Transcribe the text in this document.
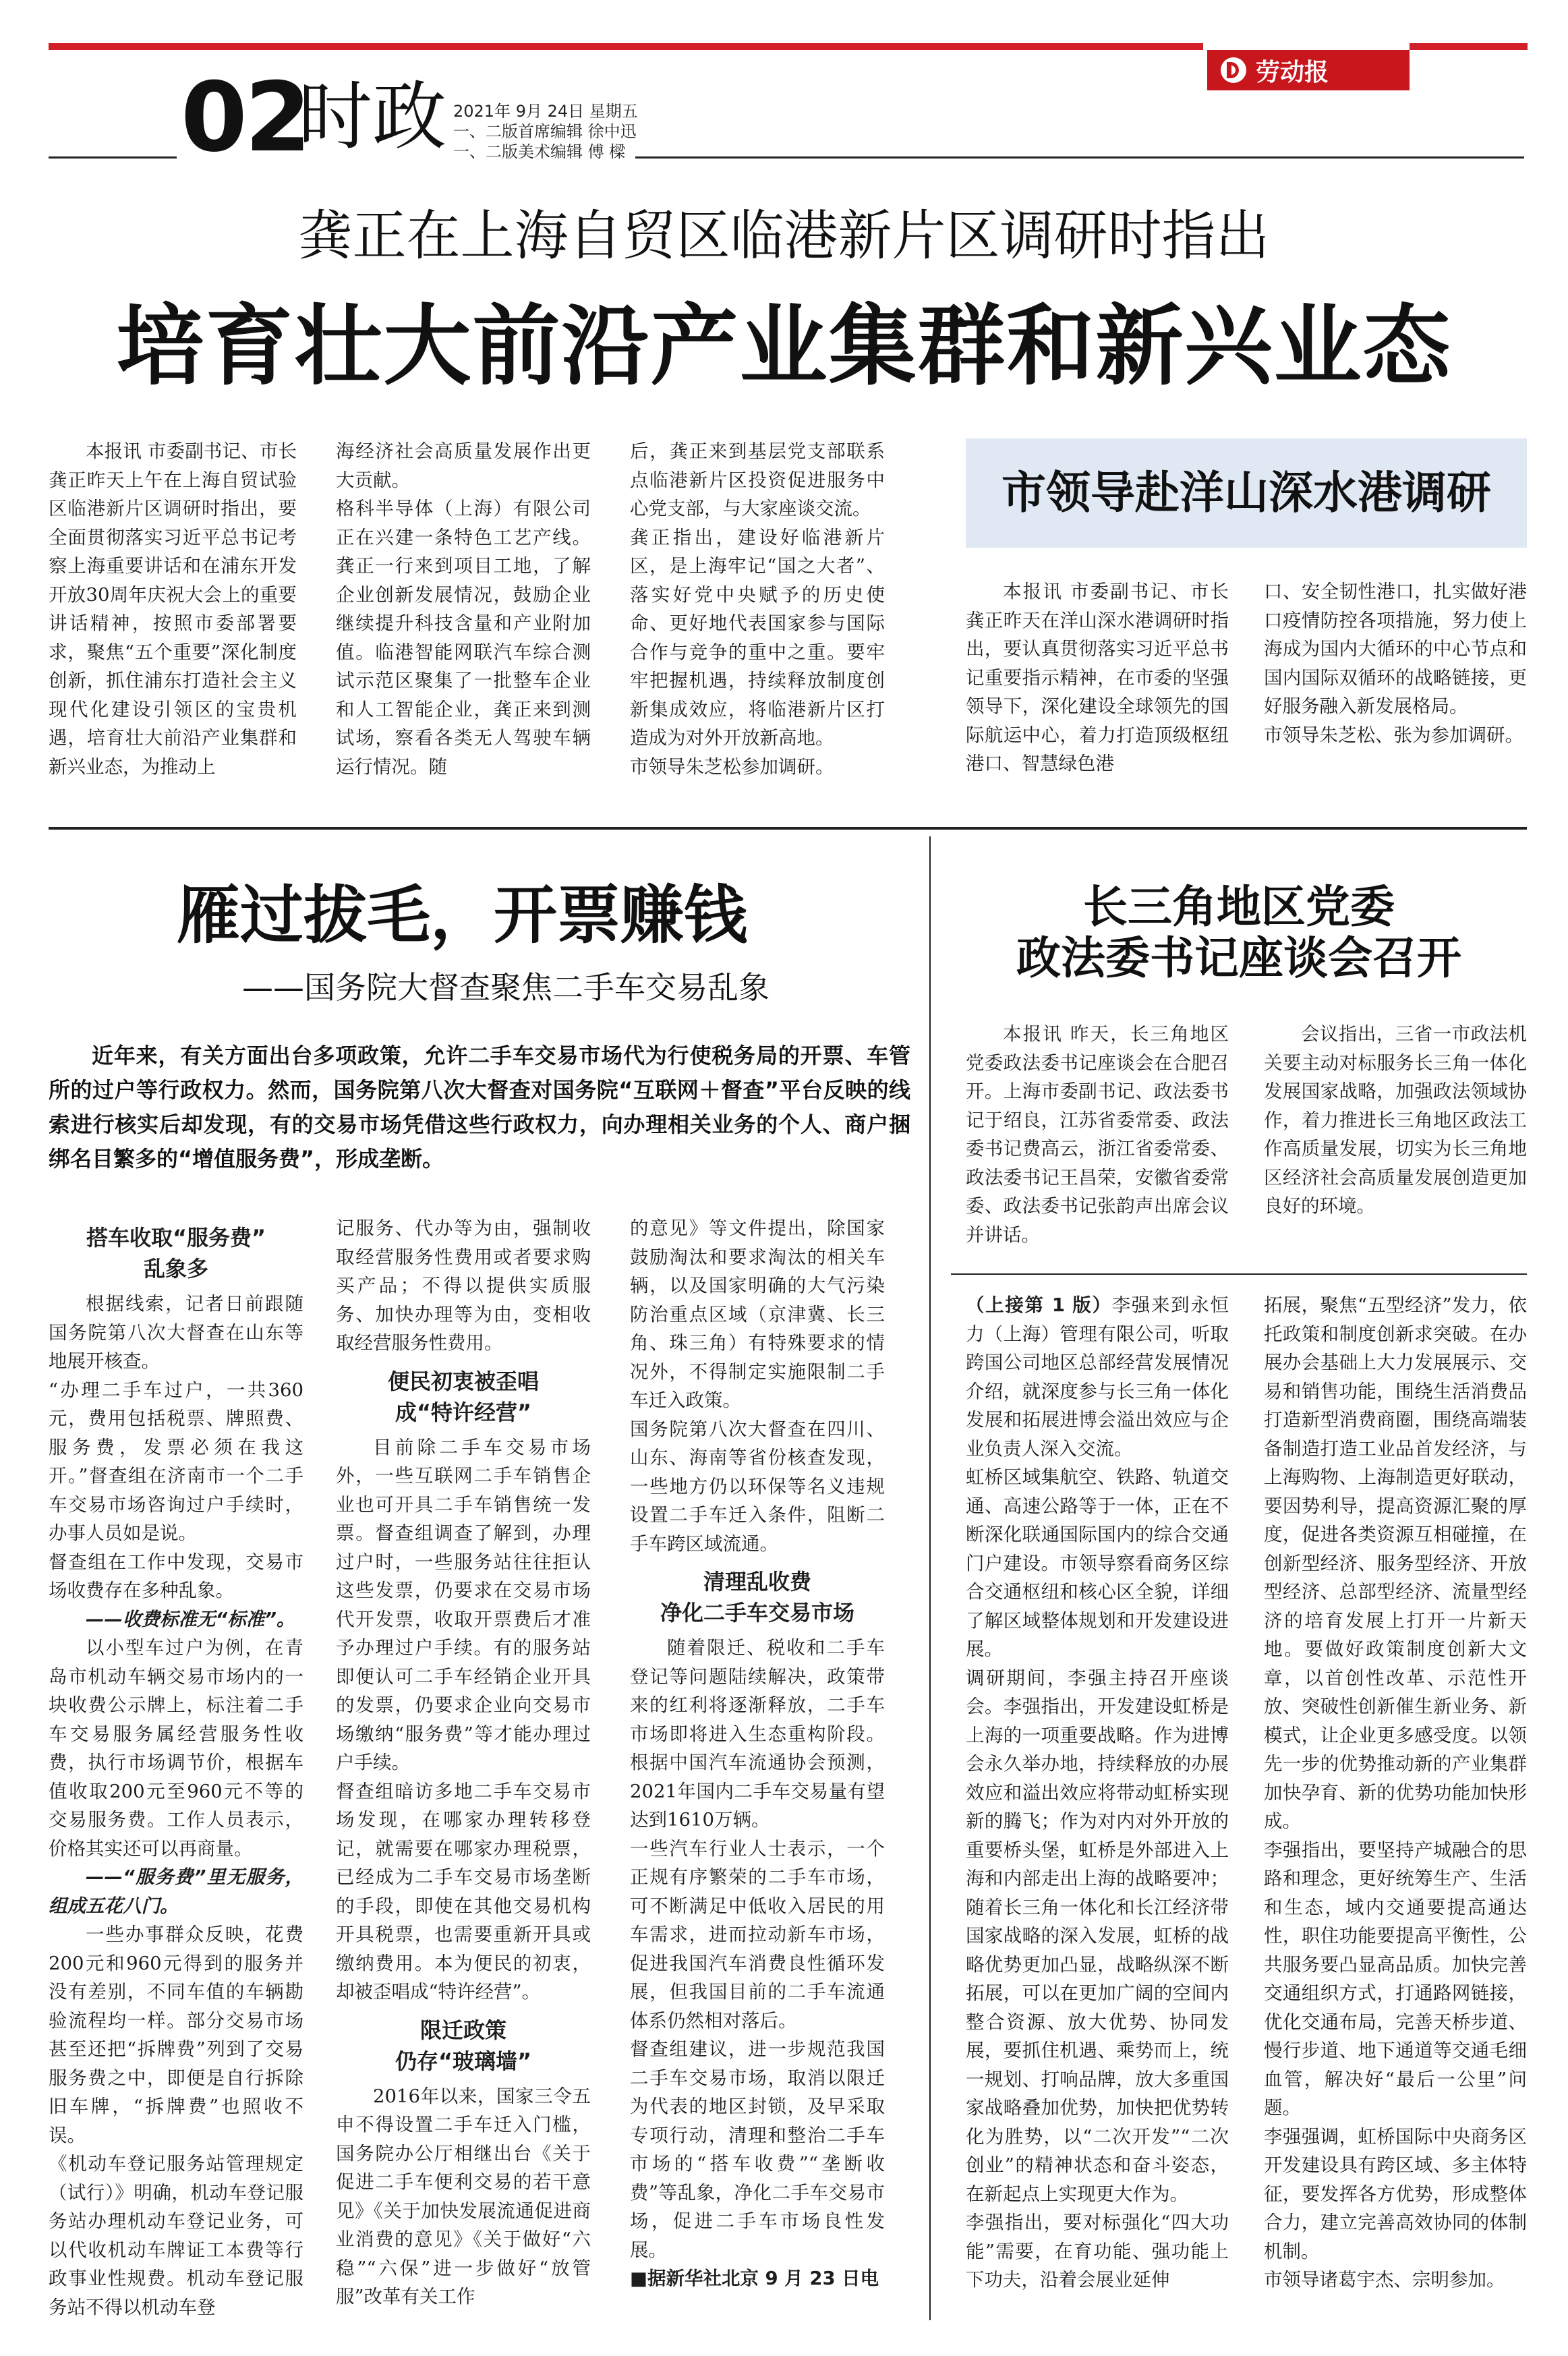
劳动报
02
时政 2021年 9月 24日 星期五
一、二版首席编辑 徐中迅
一、二版美术编辑 傅 樑
龚正在上海自贸区临港新片区调研时指出
培育壮大前沿产业集群和新兴业态

本报讯 市委副书记、市长龚正昨天上午在上海自贸试验区临港新片区调研时指出，要全面贯彻落实习近平总书记考察上海重要讲话和在浦东开发开放30周年庆祝大会上的重要讲话精神，按照市委部署要求，聚焦“五个重要”深化制度创新，抓住浦东打造社会主义现代化建设引领区的宝贵机遇，培育壮大前沿产业集群和新兴业态，为推动上

海经济社会高质量发展作出更大贡献。
格科半导体（上海）有限公司正在兴建一条特色工艺产线。龚正一行来到项目工地，了解企业创新发展情况，鼓励企业继续提升科技含量和产业附加值。临港智能网联汽车综合测试示范区聚集了一批整车企业和人工智能企业，龚正来到测试场，察看各类无人驾驶车辆运行情况。随

后，龚正来到基层党支部联系点临港新片区投资促进服务中心党支部，与大家座谈交流。
龚正指出，建设好临港新片区，是上海牢记“国之大者”、落实好党中央赋予的历史使命、更好地代表国家参与国际合作与竞争的重中之重。要牢牢把握机遇，持续释放制度创新集成效应，将临港新片区打造成为对外开放新高地。
市领导朱芝松参加调研。

市领导赴洋山深水港调研

本报讯 市委副书记、市长龚正昨天在洋山深水港调研时指出，要认真贯彻落实习近平总书记重要指示精神，在市委的坚强领导下，深化建设全球领先的国际航运中心，着力打造顶级枢纽港口、智慧绿色港

口、安全韧性港口，扎实做好港口疫情防控各项措施，努力使上海成为国内大循环的中心节点和国内国际双循环的战略链接，更好服务融入新发展格局。
市领导朱芝松、张为参加调研。

雁过拔毛，开票赚钱
——国务院大督查聚焦二手车交易乱象

近年来，有关方面出台多项政策，允许二手车交易市场代为行使税务局的开票、车管所的过户等行政权力。然而，国务院第八次大督查对国务院“互联网＋督查”平台反映的线索进行核实后却发现，有的交易市场凭借这些行政权力，向办理相关业务的个人、商户捆绑名目繁多的“增值服务费”，形成垄断。

搭车收取“服务费”
乱象多

根据线索，记者日前跟随国务院第八次大督查在山东等地展开核查。
“办理二手车过户，一共360元，费用包括税票、牌照费、服务费，发票必须在我这开。”督查组在济南市一个二手车交易市场咨询过户手续时，办事人员如是说。
督查组在工作中发现，交易市场收费存在多种乱象。

——收费标准无“标准”。

以小型车过户为例，在青岛市机动车辆交易市场内的一块收费公示牌上，标注着二手车交易服务属经营服务性收费，执行市场调节价，根据车值收取200元至960元不等的交易服务费。工作人员表示，价格其实还可以再商量。

——“服务费”里无服务，组成五花八门。

一些办事群众反映，花费200元和960元得到的服务并没有差别，不同车值的车辆勘验流程均一样。部分交易市场甚至还把“拆牌费”列到了交易服务费之中，即便是自行拆除旧车牌，“拆牌费”也照收不误。
《机动车登记服务站管理规定（试行）》明确，机动车登记服务站办理机动车登记业务，可以代收机动车牌证工本费等行政事业性规费。机动车登记服务站不得以机动车登

记服务、代办等为由，强制收取经营服务性费用或者要求购买产品；不得以提供实质服务、加快办理等为由，变相收取经营服务性费用。

便民初衷被歪唱
成“特许经营”

目前除二手车交易市场外，一些互联网二手车销售企业也可开具二手车销售统一发票。督查组调查了解到，办理过户时，一些服务站往往拒认这些发票，仍要求在交易市场代开发票，收取开票费后才准予办理过户手续。有的服务站即便认可二手车经销企业开具的发票，仍要求企业向交易市场缴纳“服务费”等才能办理过户手续。
督查组暗访多地二手车交易市场发现，在哪家办理转移登记，就需要在哪家办理税票，已经成为二手车交易市场垄断的手段，即使在其他交易机构开具税票，也需要重新开具或缴纳费用。本为便民的初衷，却被歪唱成“特许经营”。

限迁政策
仍存“玻璃墙”

2016年以来，国家三令五申不得设置二手车迁入门槛，国务院办公厅相继出台《关于促进二手车便利交易的若干意见》《关于加快发展流通促进商业消费的意见》《关于做好“六稳”“六保”进一步做好“放管服”改革有关工作

的意见》等文件提出，除国家鼓励淘汰和要求淘汰的相关车辆，以及国家明确的大气污染防治重点区域（京津冀、长三角、珠三角）有特殊要求的情况外，不得制定实施限制二手车迁入政策。
国务院第八次大督查在四川、山东、海南等省份核查发现，一些地方仍以环保等名义违规设置二手车迁入条件，阻断二手车跨区域流通。

清理乱收费
净化二手车交易市场

随着限迁、税收和二手车登记等问题陆续解决，政策带来的红利将逐渐释放，二手车市场即将进入生态重构阶段。根据中国汽车流通协会预测，2021年国内二手车交易量有望达到1610万辆。
一些汽车行业人士表示，一个正规有序繁荣的二手车市场，可不断满足中低收入居民的用车需求，进而拉动新车市场，促进我国汽车消费良性循环发展，但我国目前的二手车流通体系仍然相对落后。
督查组建议，进一步规范我国二手车交易市场，取消以限迁为代表的地区封锁，及早采取专项行动，清理和整治二手车市场的“搭车收费”“垄断收费”等乱象，净化二手车交易市场，促进二手车市场良性发展。

■据新华社北京 9 月 23 日电

长三角地区党委
政法委书记座谈会召开

本报讯 昨天，长三角地区党委政法委书记座谈会在合肥召开。上海市委副书记、政法委书记于绍良，江苏省委常委、政法委书记费高云，浙江省委常委、政法委书记王昌荣，安徽省委常委、政法委书记张韵声出席会议并讲话。

会议指出，三省一市政法机关要主动对标服务长三角一体化发展国家战略，加强政法领域协作，着力推进长三角地区政法工作高质量发展，切实为长三角地区经济社会高质量发展创造更加良好的环境。

（上接第 1 版）李强来到永恒力（上海）管理有限公司，听取跨国公司地区总部经营发展情况介绍，就深度参与长三角一体化发展和拓展进博会溢出效应与企业负责人深入交流。
虹桥区域集航空、铁路、轨道交通、高速公路等于一体，正在不断深化联通国际国内的综合交通门户建设。市领导察看商务区综合交通枢纽和核心区全貌，详细了解区域整体规划和开发建设进展。
调研期间，李强主持召开座谈会。李强指出，开发建设虹桥是上海的一项重要战略。作为进博会永久举办地，持续释放的办展效应和溢出效应将带动虹桥实现新的腾飞；作为对内对外开放的重要桥头堡，虹桥是外部进入上海和内部走出上海的战略要冲；随着长三角一体化和长江经济带国家战略的深入发展，虹桥的战略优势更加凸显，战略纵深不断拓展，可以在更加广阔的空间内整合资源、放大优势、协同发展，要抓住机遇、乘势而上，统一规划、打响品牌，放大多重国家战略叠加优势，加快把优势转化为胜势，以“二次开发”“二次创业”的精神状态和奋斗姿态，在新起点上实现更大作为。
李强指出，要对标强化“四大功能”需要，在育功能、强功能上下功夫，沿着会展业延伸

拓展，聚焦“五型经济”发力，依托政策和制度创新求突破。在办展办会基础上大力发展展示、交易和销售功能，围绕生活消费品打造新型消费商圈，围绕高端装备制造打造工业品首发经济，与上海购物、上海制造更好联动，要因势利导，提高资源汇聚的厚度，促进各类资源互相碰撞，在创新型经济、服务型经济、开放型经济、总部型经济、流量型经济的培育发展上打开一片新天地。要做好政策制度创新大文章，以首创性改革、示范性开放、突破性创新催生新业务、新模式，让企业更多感受度。以领先一步的优势推动新的产业集群加快孕育、新的优势功能加快形成。
李强指出，要坚持产城融合的思路和理念，更好统筹生产、生活和生态，域内交通要提高通达性，职住功能要提高平衡性，公共服务要凸显高品质。加快完善交通组织方式，打通路网链接，优化交通布局，完善天桥步道、慢行步道、地下通道等交通毛细血管，解决好“最后一公里”问题。
李强强调，虹桥国际中央商务区开发建设具有跨区域、多主体特征，要发挥各方优势，形成整体合力，建立完善高效协同的体制机制。
市领导诸葛宇杰、宗明参加。
